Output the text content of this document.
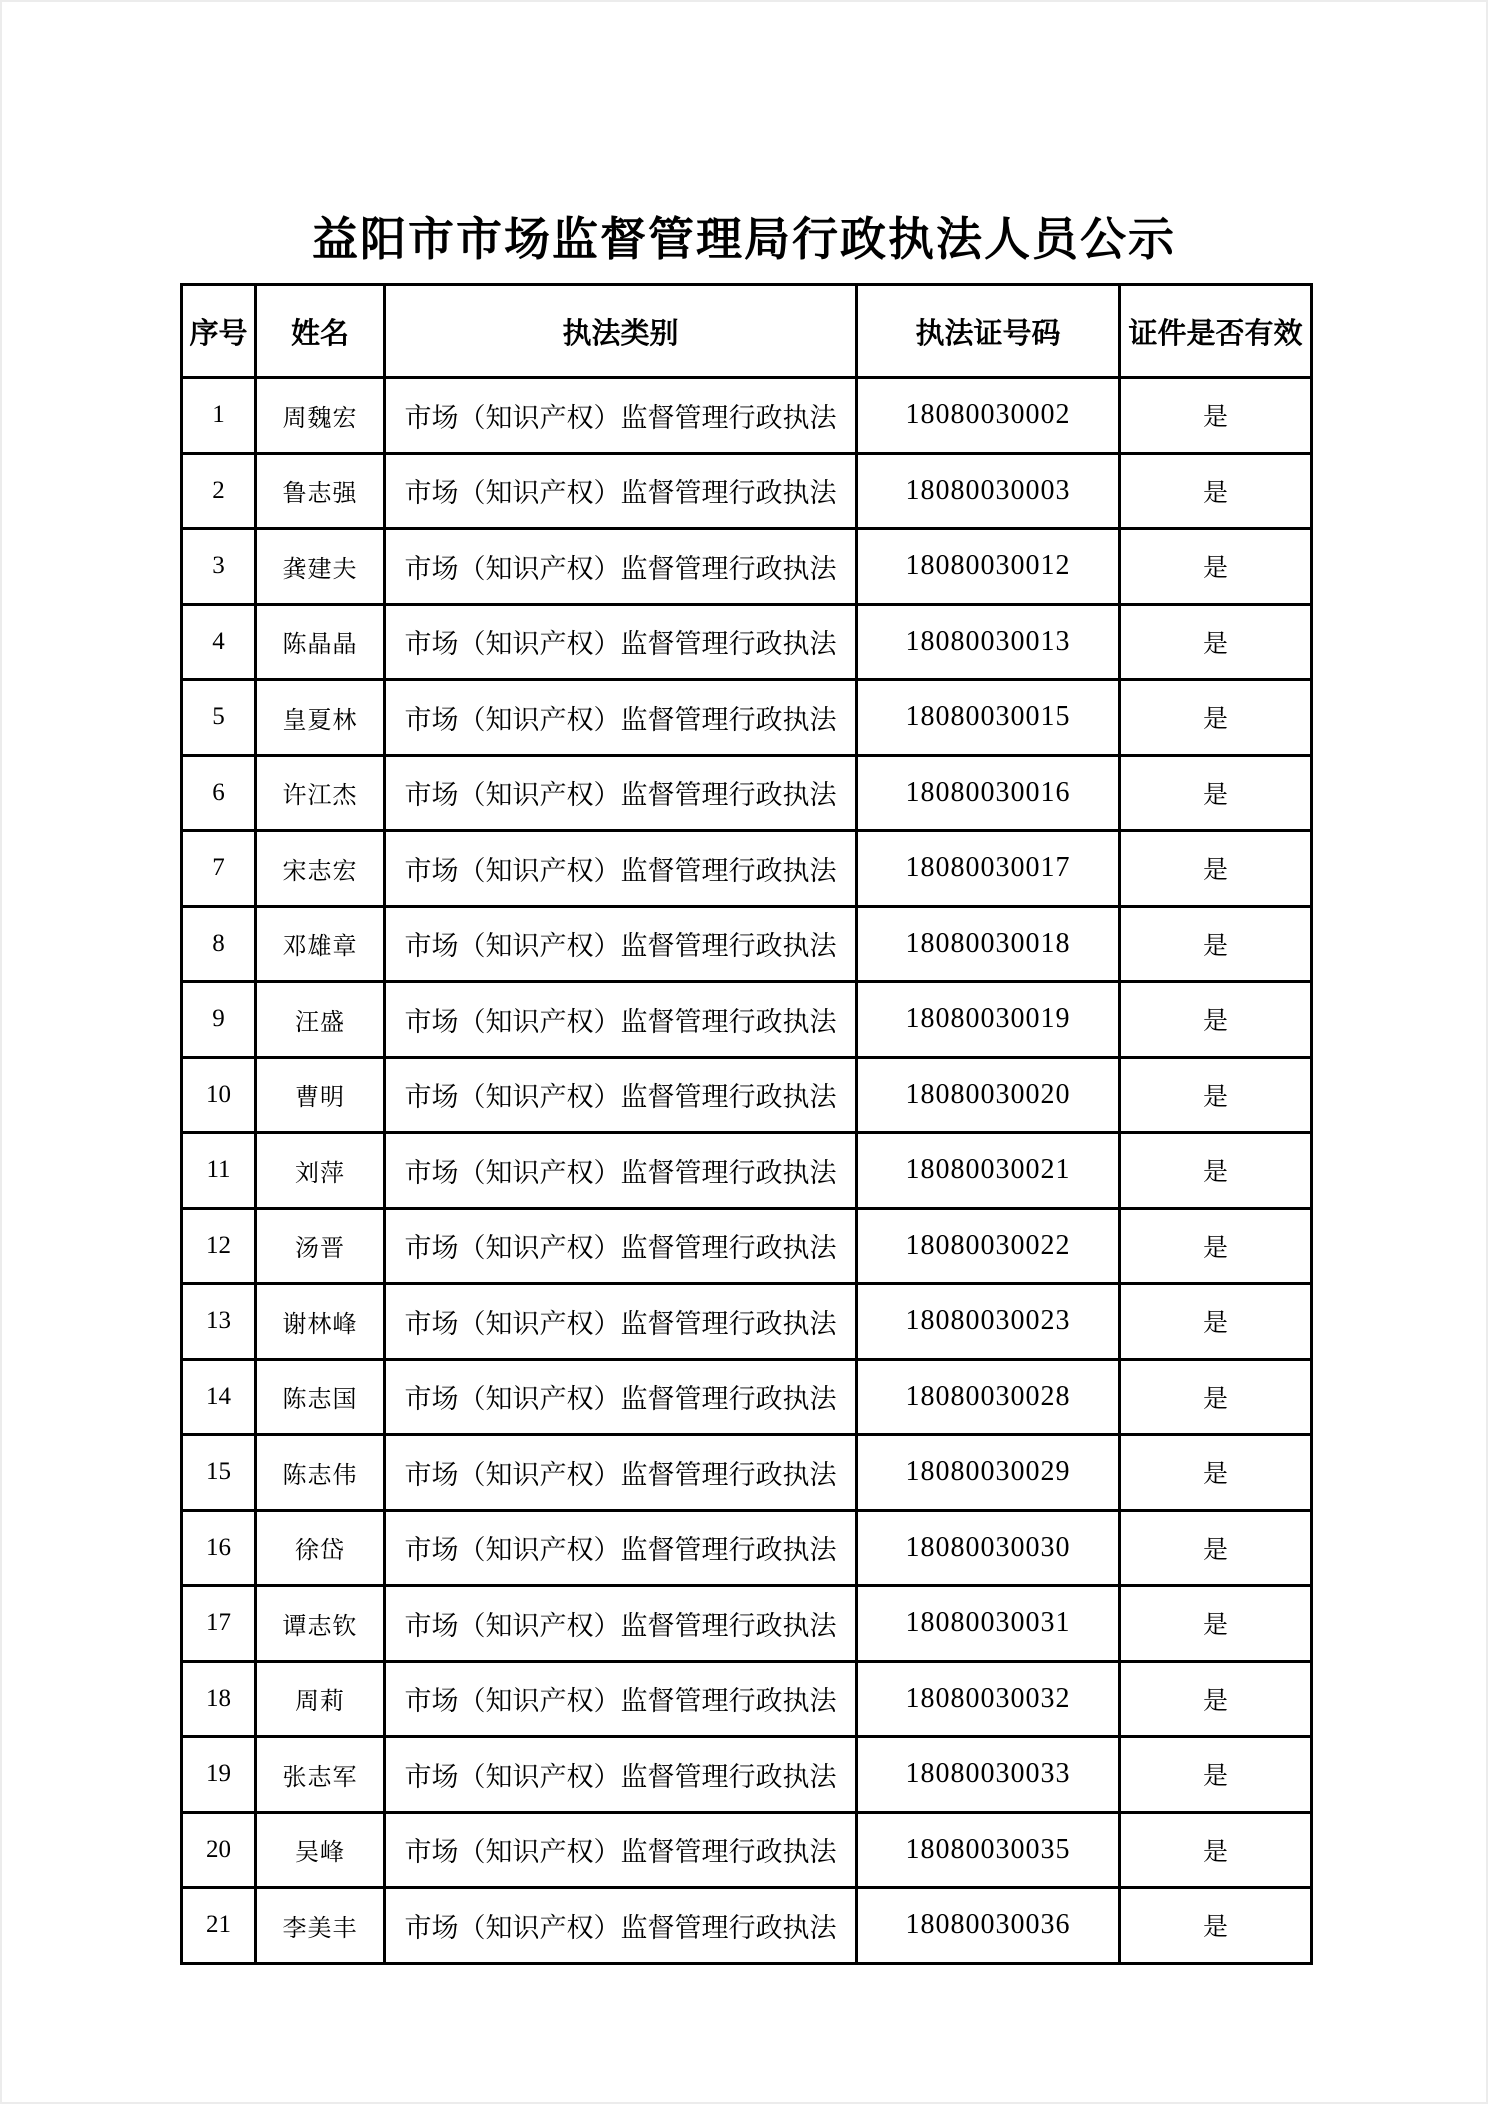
益阳市市场监督管理局行政执法人员公示
序号	姓名	执法类别	执法证号码	证件是否有效
1	周魏宏	市场（知识产权）监督管理行政执法	18080030002	是
2	鲁志强	市场（知识产权）监督管理行政执法	18080030003	是
3	龚建夫	市场（知识产权）监督管理行政执法	18080030012	是
4	陈晶晶	市场（知识产权）监督管理行政执法	18080030013	是
5	皇夏林	市场（知识产权）监督管理行政执法	18080030015	是
6	许江杰	市场（知识产权）监督管理行政执法	18080030016	是
7	宋志宏	市场（知识产权）监督管理行政执法	18080030017	是
8	邓雄章	市场（知识产权）监督管理行政执法	18080030018	是
9	汪盛	市场（知识产权）监督管理行政执法	18080030019	是
10	曹明	市场（知识产权）监督管理行政执法	18080030020	是
11	刘萍	市场（知识产权）监督管理行政执法	18080030021	是
12	汤晋	市场（知识产权）监督管理行政执法	18080030022	是
13	谢林峰	市场（知识产权）监督管理行政执法	18080030023	是
14	陈志国	市场（知识产权）监督管理行政执法	18080030028	是
15	陈志伟	市场（知识产权）监督管理行政执法	18080030029	是
16	徐岱	市场（知识产权）监督管理行政执法	18080030030	是
17	谭志钦	市场（知识产权）监督管理行政执法	18080030031	是
18	周莉	市场（知识产权）监督管理行政执法	18080030032	是
19	张志军	市场（知识产权）监督管理行政执法	18080030033	是
20	吴峰	市场（知识产权）监督管理行政执法	18080030035	是
21	李美丰	市场（知识产权）监督管理行政执法	18080030036	是
